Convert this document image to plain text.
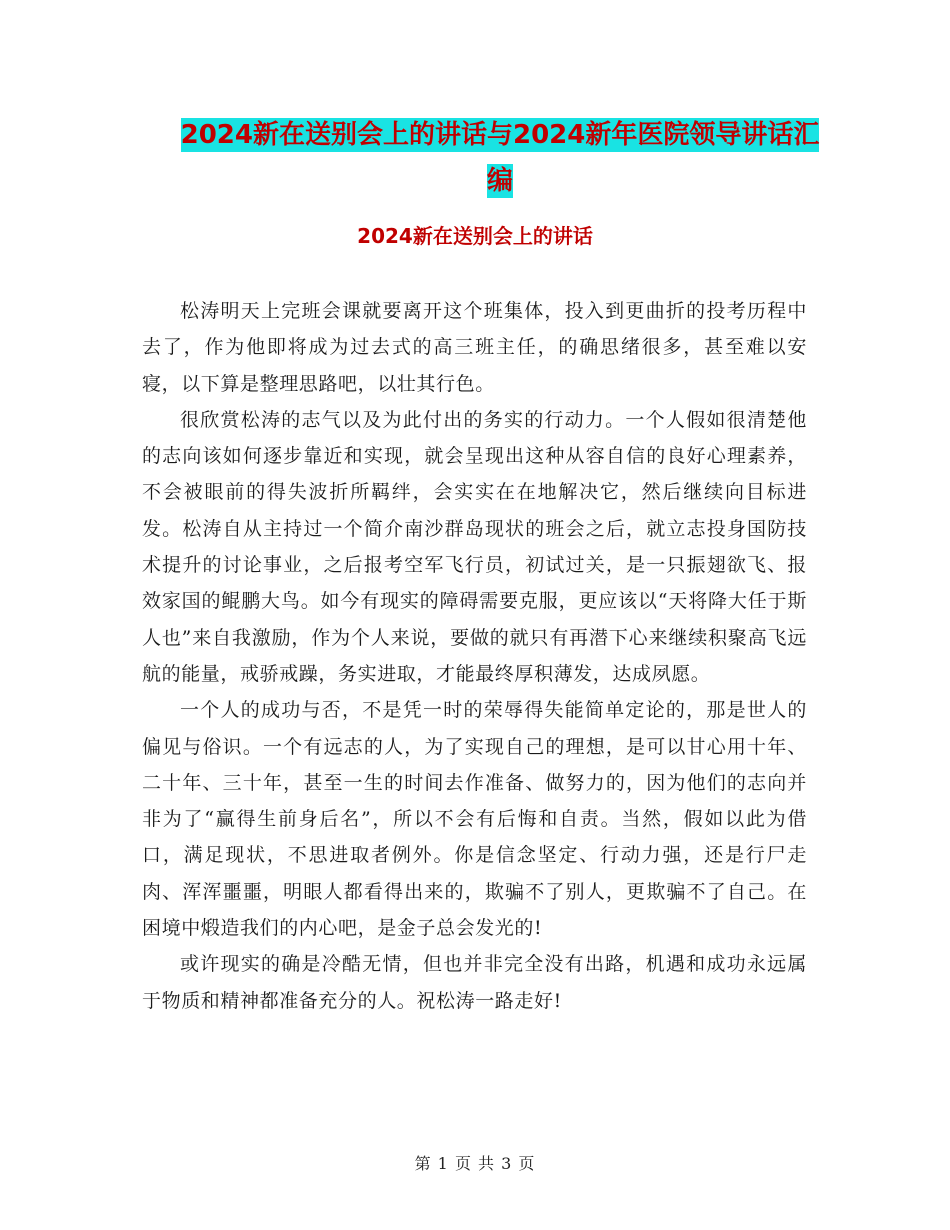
2024新在送别会上的讲话与2024新年医院领导讲话汇
编
2024新在送别会上的讲话

松涛明天上完班会课就要离开这个班集体，投入到更曲折的投考历程中去了，作为他即将成为过去式的高三班主任，的确思绪很多，甚至难以安寝，以下算是整理思路吧，以壮其行色。

很欣赏松涛的志气以及为此付出的务实的行动力。一个人假如很清楚他的志向该如何逐步靠近和实现，就会呈现出这种从容自信的良好心理素养，不会被眼前的得失波折所羁绊，会实实在在地解决它，然后继续向目标进发。松涛自从主持过一个简介南沙群岛现状的班会之后，就立志投身国防技术提升的讨论事业，之后报考空军飞行员，初试过关，是一只振翅欲飞、报效家国的鲲鹏大鸟。如今有现实的障碍需要克服，更应该以“天将降大任于斯人也”来自我激励，作为个人来说，要做的就只有再潜下心来继续积聚高飞远航的能量，戒骄戒躁，务实进取，才能最终厚积薄发，达成夙愿。

一个人的成功与否，不是凭一时的荣辱得失能简单定论的，那是世人的偏见与俗识。一个有远志的人，为了实现自己的理想，是可以甘心用十年、二十年、三十年，甚至一生的时间去作准备、做努力的，因为他们的志向并非为了“赢得生前身后名”，所以不会有后悔和自责。当然，假如以此为借口，满足现状，不思进取者例外。你是信念坚定、行动力强，还是行尸走肉、浑浑噩噩，明眼人都看得出来的，欺骗不了别人，更欺骗不了自己。在困境中煅造我们的内心吧，是金子总会发光的!

或许现实的确是冷酷无情，但也并非完全没有出路，机遇和成功永远属于物质和精神都准备充分的人。祝松涛一路走好!

第 1 页 共 3 页
